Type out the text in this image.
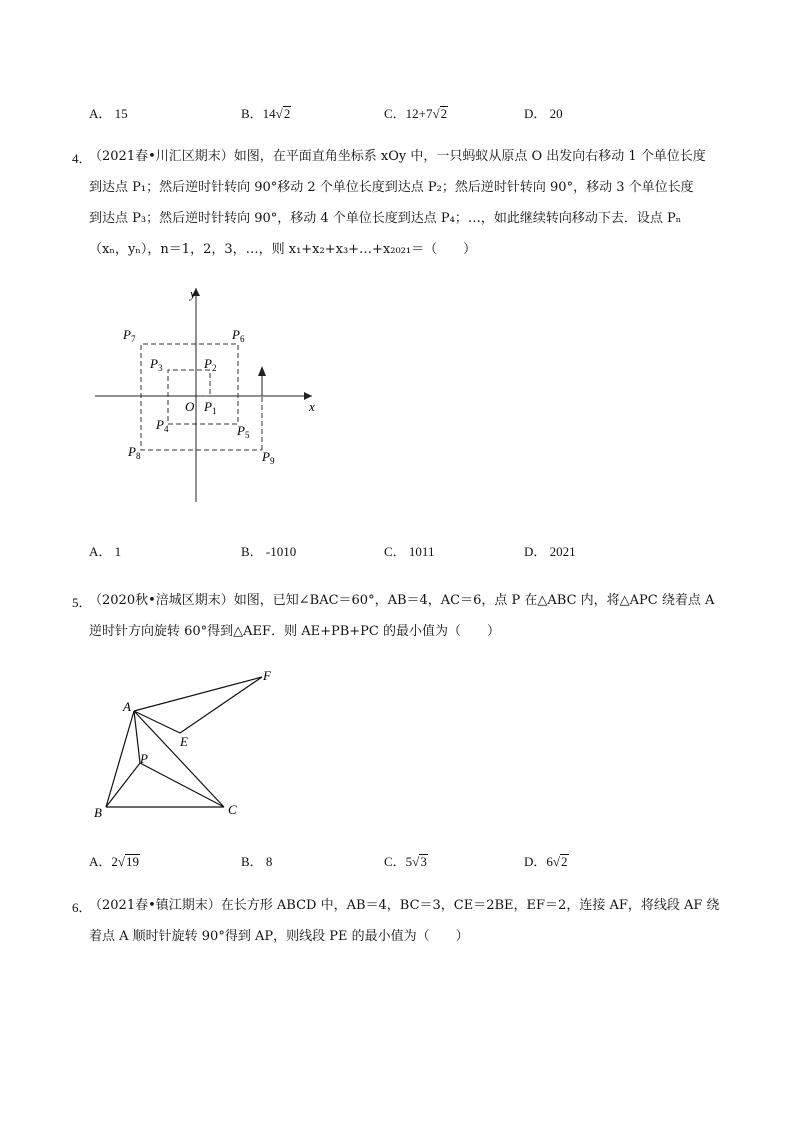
A． 15	B．14√2	C．12+7√2	D． 20
4．

（2021春•川汇区期末）如图，在平面直角坐标系 xOy 中，一只蚂蚁从原点 O 出发向右移动 1 个单位长度

到达点 P₁；然后逆时针转向 90°移动 2 个单位长度到达点 P₂；然后逆时针转向 90°，移动 3 个单位长度

到达点 P₃；然后逆时针转向 90°，移动 4 个单位长度到达点 P₄；…，如此继续转向移动下去．设点 Pₙ

（xₙ，yₙ），n＝1，2，3，…，则 x₁+x₂+x₃+…+x₂₀₂₁＝（　　）

y
x
O $P_1$
$P_2$
$P_3$
$P_4$	$P_5$
$P_6$
$P_7$
$P_8$	$P_9$
A． 1	B． -1010	C． 1011	D． 2021
5．

（2020秋•涪城区期末）如图，已知∠BAC＝60°，AB＝4，AC＝6，点 P 在△ABC 内，将△APC 绕着点 A

逆时针方向旋转 60°得到△AEF．则 AE+PB+PC 的最小值为（　　）

A
B	C
P
E
F
A．2√19	B． 8	C．5√3	D．6√2
6．

（2021春•镇江期末）在长方形 ABCD 中，AB＝4，BC＝3，CE＝2BE，EF＝2，连接 AF，将线段 AF 绕

着点 A 顺时针旋转 90°得到 AP，则线段 PE 的最小值为（　　）
